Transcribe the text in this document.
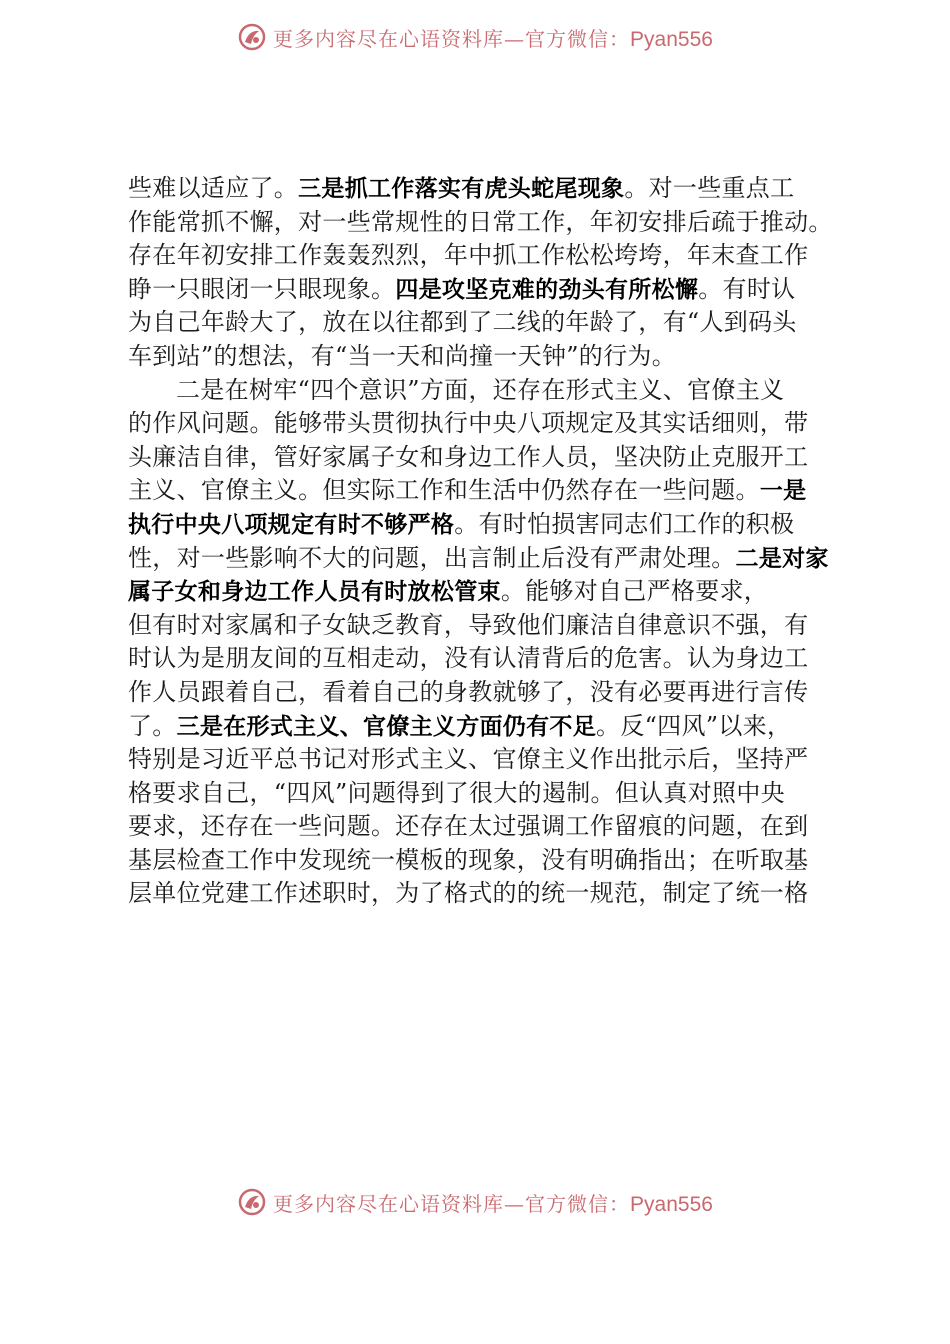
更多内容尽在心语资料库—官方微信：Pyan556
些难以适应了。三是抓工作落实有虎头蛇尾现象。对一些重点工
作能常抓不懈，对一些常规性的日常工作，年初安排后疏于推动。
存在年初安排工作轰轰烈烈，年中抓工作松松垮垮，年末查工作
睁一只眼闭一只眼现象。四是攻坚克难的劲头有所松懈。有时认
为自己年龄大了，放在以往都到了二线的年龄了，有“人到码头
车到站”的想法，有“当一天和尚撞一天钟”的行为。
二是在树牢“四个意识”方面，还存在形式主义、官僚主义
的作风问题。能够带头贯彻执行中央八项规定及其实话细则，带
头廉洁自律，管好家属子女和身边工作人员，坚决防止克服开工
主义、官僚主义。但实际工作和生活中仍然存在一些问题。一是
执行中央八项规定有时不够严格。有时怕损害同志们工作的积极
性，对一些影响不大的问题，出言制止后没有严肃处理。二是对家
属子女和身边工作人员有时放松管束。能够对自己严格要求，
但有时对家属和子女缺乏教育，导致他们廉洁自律意识不强，有
时认为是朋友间的互相走动，没有认清背后的危害。认为身边工
作人员跟着自己，看着自己的身教就够了，没有必要再进行言传
了。三是在形式主义、官僚主义方面仍有不足。反“四风”以来，
特别是习近平总书记对形式主义、官僚主义作出批示后，坚持严
格要求自己，“四风”问题得到了很大的遏制。但认真对照中央
要求，还存在一些问题。还存在太过强调工作留痕的问题，在到
基层检查工作中发现统一模板的现象，没有明确指出；在听取基
层单位党建工作述职时，为了格式的的统一规范，制定了统一格
更多内容尽在心语资料库—官方微信：Pyan556
